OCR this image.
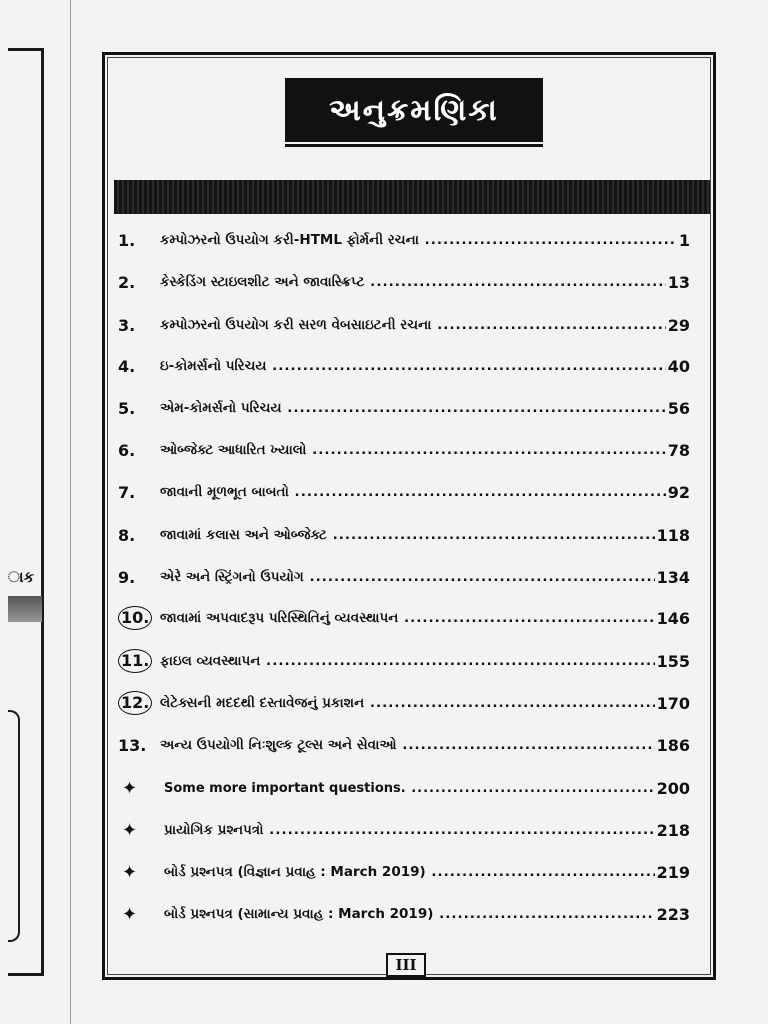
ાક
અનુક્રમણિકા
1.	કમ્પોઝરનો ઉપયોગ કરી-HTML ફોર્મની રચના .....	1
2.	કેસ્કેડિંગ સ્ટાઇલશીટ અને જાવાસ્ક્રિપ્ટ .....	13
3.	કમ્પોઝરનો ઉપયોગ કરી સરળ વેબસાઇટની રચના .....	29
4.	ઇ-કોમર્સનો પરિચય .....	40
5.	એમ-કોમર્સનો પરિચય .....	56
6.	ઓબ્જેક્ટ આધારિત ખ્યાલો .....	78
7.	જાવાની મૂળભૂત બાબતો .....	92
8.	જાવામાં કલાસ અને ઓબ્જેક્ટ .....	118
9.	એરે અને સ્ટ્રિંગનો ઉપયોગ .....	134
10. જાવામાં અપવાદરૂપ પરિસ્થિતિનું વ્યવસ્થાપન .....	146
11. ફાઇલ વ્યવસ્થાપન .....	155
12. લેટેક્સની મદદથી દસ્તાવેજનું પ્રકાશન .....	170
13.	અન્ય ઉપયોગી નિઃશુલ્ક ટૂલ્સ અને સેવાઓ .....	186
✦	Some more important questions. .....	200
✦	પ્રાયોગિક પ્રશ્નપત્રો .....	218
✦	બોર્ડ પ્રશ્નપત્ર (વિજ્ઞાન પ્રવાહ : March 2019) .....	219
✦	બોર્ડ પ્રશ્નપત્ર (સામાન્ય પ્રવાહ : March 2019) .....	223
III
